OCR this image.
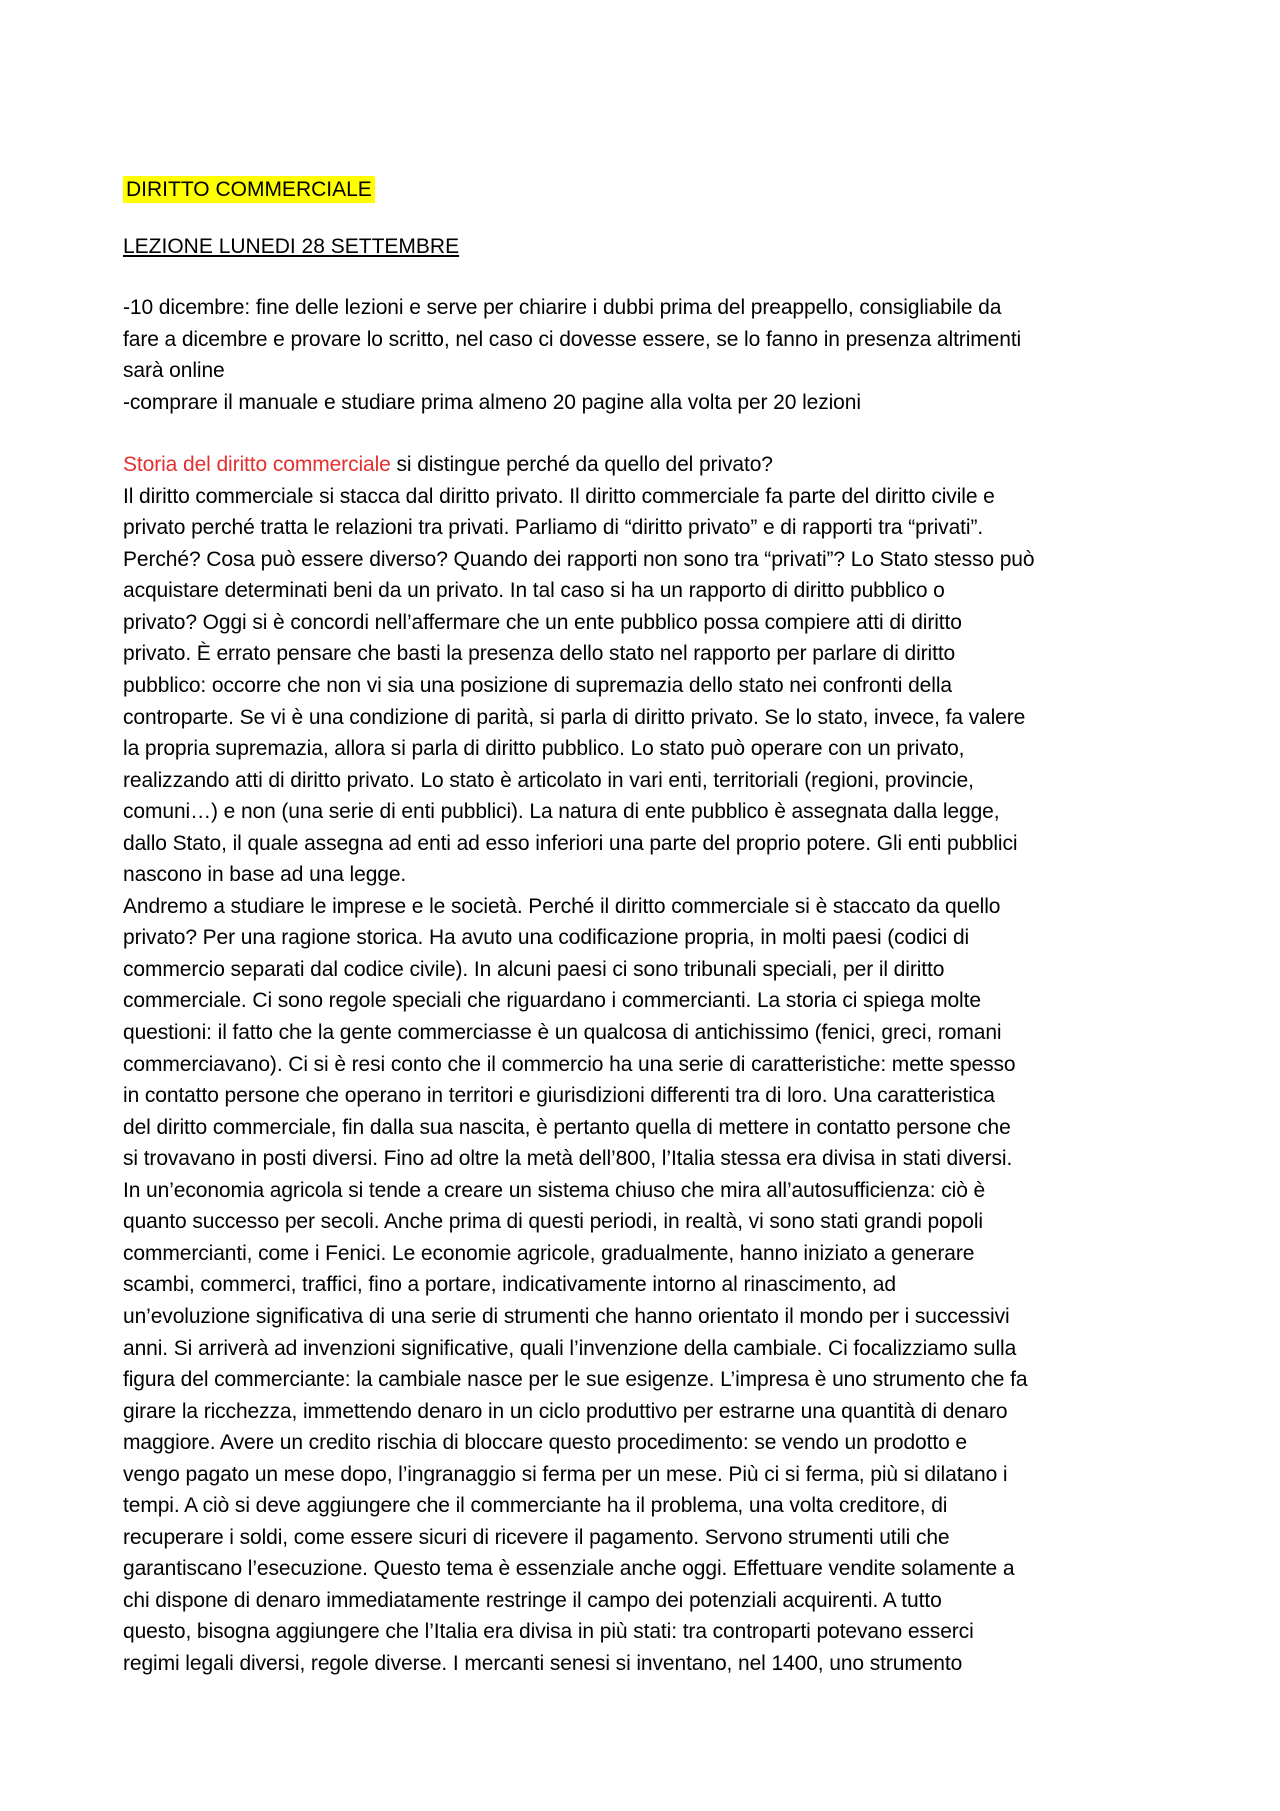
DIRITTO COMMERCIALE
LEZIONE LUNEDI 28 SETTEMBRE
-10 dicembre: fine delle lezioni e serve per chiarire i dubbi prima del preappello, consigliabile da
fare a dicembre e provare lo scritto, nel caso ci dovesse essere, se lo fanno in presenza altrimenti
sarà online
-comprare il manuale e studiare prima almeno 20 pagine alla volta per 20 lezioni
Storia del diritto commerciale si distingue perché da quello del privato?
Il diritto commerciale si stacca dal diritto privato. Il diritto commerciale fa parte del diritto civile e
privato perché tratta le relazioni tra privati. Parliamo di “diritto privato” e di rapporti tra “privati”.
Perché? Cosa può essere diverso? Quando dei rapporti non sono tra “privati”? Lo Stato stesso può
acquistare determinati beni da un privato. In tal caso si ha un rapporto di diritto pubblico o
privato? Oggi si è concordi nell’affermare che un ente pubblico possa compiere atti di diritto
privato. È errato pensare che basti la presenza dello stato nel rapporto per parlare di diritto
pubblico: occorre che non vi sia una posizione di supremazia dello stato nei confronti della
controparte. Se vi è una condizione di parità, si parla di diritto privato. Se lo stato, invece, fa valere
la propria supremazia, allora si parla di diritto pubblico. Lo stato può operare con un privato,
realizzando atti di diritto privato. Lo stato è articolato in vari enti, territoriali (regioni, provincie,
comuni…) e non (una serie di enti pubblici). La natura di ente pubblico è assegnata dalla legge,
dallo Stato, il quale assegna ad enti ad esso inferiori una parte del proprio potere. Gli enti pubblici
nascono in base ad una legge.
Andremo a studiare le imprese e le società. Perché il diritto commerciale si è staccato da quello
privato? Per una ragione storica. Ha avuto una codificazione propria, in molti paesi (codici di
commercio separati dal codice civile). In alcuni paesi ci sono tribunali speciali, per il diritto
commerciale. Ci sono regole speciali che riguardano i commercianti. La storia ci spiega molte
questioni: il fatto che la gente commerciasse è un qualcosa di antichissimo (fenici, greci, romani
commerciavano). Ci si è resi conto che il commercio ha una serie di caratteristiche: mette spesso
in contatto persone che operano in territori e giurisdizioni differenti tra di loro. Una caratteristica
del diritto commerciale, fin dalla sua nascita, è pertanto quella di mettere in contatto persone che
si trovavano in posti diversi. Fino ad oltre la metà dell’800, l’Italia stessa era divisa in stati diversi.
In un’economia agricola si tende a creare un sistema chiuso che mira all’autosufficienza: ciò è
quanto successo per secoli. Anche prima di questi periodi, in realtà, vi sono stati grandi popoli
commercianti, come i Fenici. Le economie agricole, gradualmente, hanno iniziato a generare
scambi, commerci, traffici, fino a portare, indicativamente intorno al rinascimento, ad
un’evoluzione significativa di una serie di strumenti che hanno orientato il mondo per i successivi
anni. Si arriverà ad invenzioni significative, quali l’invenzione della cambiale. Ci focalizziamo sulla
figura del commerciante: la cambiale nasce per le sue esigenze. L’impresa è uno strumento che fa
girare la ricchezza, immettendo denaro in un ciclo produttivo per estrarne una quantità di denaro
maggiore. Avere un credito rischia di bloccare questo procedimento: se vendo un prodotto e
vengo pagato un mese dopo, l’ingranaggio si ferma per un mese. Più ci si ferma, più si dilatano i
tempi. A ciò si deve aggiungere che il commerciante ha il problema, una volta creditore, di
recuperare i soldi, come essere sicuri di ricevere il pagamento. Servono strumenti utili che
garantiscano l’esecuzione. Questo tema è essenziale anche oggi. Effettuare vendite solamente a
chi dispone di denaro immediatamente restringe il campo dei potenziali acquirenti. A tutto
questo, bisogna aggiungere che l’Italia era divisa in più stati: tra controparti potevano esserci
regimi legali diversi, regole diverse. I mercanti senesi si inventano, nel 1400, uno strumento
